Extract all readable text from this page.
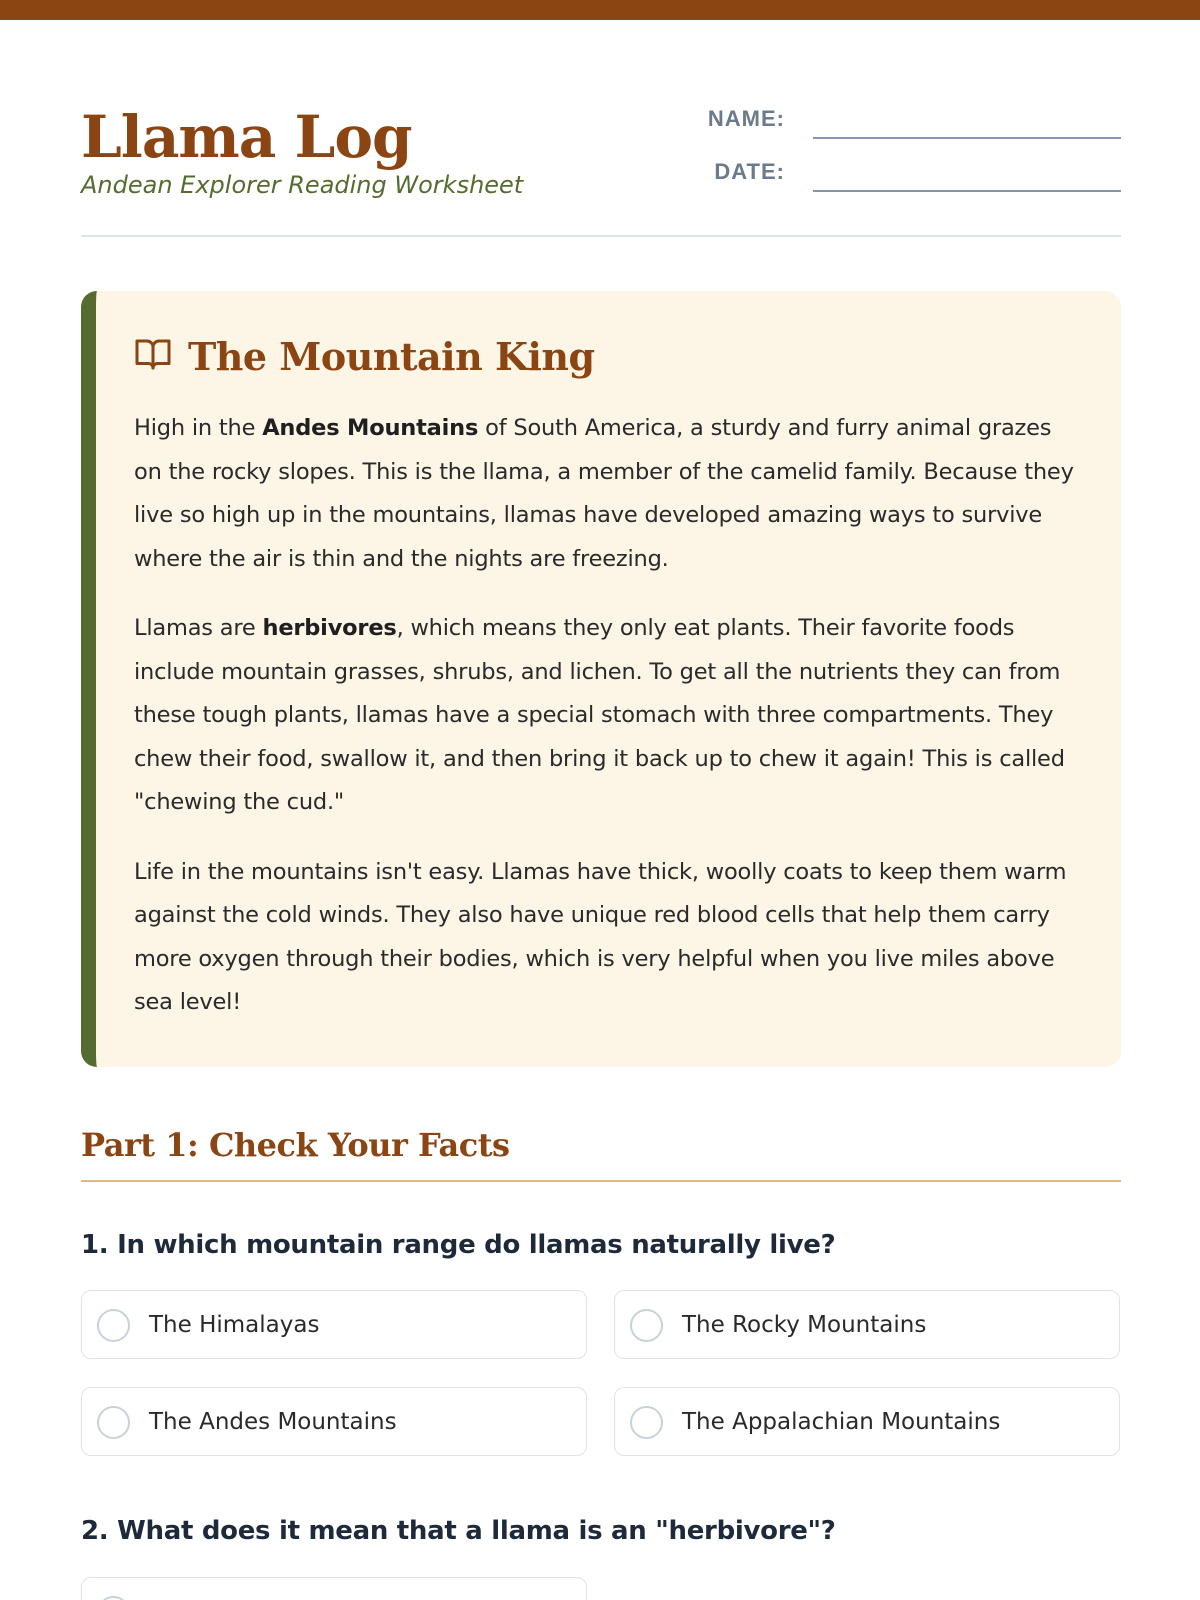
Llama Log
Andean Explorer Reading Worksheet
NAME:
DATE:
The Mountain King

High in the Andes Mountains of South America, a sturdy and furry animal grazes on the rocky slopes. This is the llama, a member of the camelid family. Because they live so high up in the mountains, llamas have developed amazing ways to survive where the air is thin and the nights are freezing.

Llamas are herbivores, which means they only eat plants. Their favorite foods include mountain grasses, shrubs, and lichen. To get all the nutrients they can from these tough plants, llamas have a special stomach with three compartments. They chew their food, swallow it, and then bring it back up to chew it again! This is called "chewing the cud."

Life in the mountains isn't easy. Llamas have thick, woolly coats to keep them warm against the cold winds. They also have unique red blood cells that help them carry more oxygen through their bodies, which is very helpful when you live miles above sea level!

Part 1: Check Your Facts
1. In which mountain range do llamas naturally live?
The Himalayas	The Rocky Mountains
The Andes Mountains	The Appalachian Mountains
2. What does it mean that a llama is an "herbivore"?
